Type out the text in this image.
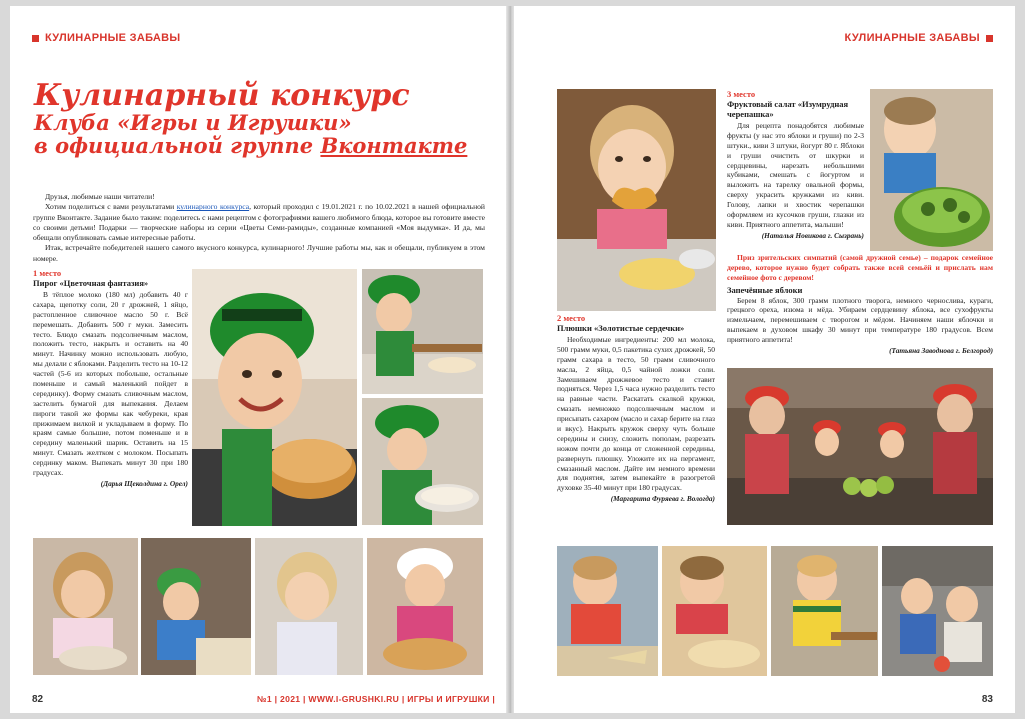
КУЛИНАРНЫЕ ЗАБАВЫ
Кулинарный конкурс
Клуба «Игры и Игрушки»
в официальной группе Вконтакте

Друзья, любимые наши читатели!

Хотим поделиться с вами результатами кулинарного конкурса, который проходил с 19.01.2021 г. по 10.02.2021 в нашей официальной группе Вконтакте. Задание было таким: поделитесь с нами рецептом с фотографиями вашего любимого блюда, которое вы готовите вместе со своими детьми! Подарки — творческие наборы из серии «Цветы Семи-рамиды», созданные компанией «Моя выдумка». И да, мы обещали опубликовать самые интересные работы.

Итак, встречайте победителей нашего самого вкусного конкурса, кулинарного! Лучшие работы мы, как и обещали, публикуем в этом номере.

1 место
Пирог «Цветочная фантазия»

В тёплое молоко (180 мл) добавить 40 г сахара, щепотку соли, 20 г дрожжей, 1 яйцо, растопленное сливочное масло 50 г. Всё перемешать. Добавить 500 г муки. Замесить тесто. Блюдо смазать подсолнечным маслом, положить тесто, накрыть и оставить на 40 минут. Начинку можно использовать любую, мы делали с яблоками. Разделить тесто на 10-12 частей (5-6 из которых побольше, остальные поменьше и самый маленький пойдет в серединку). Форму смазать сливочным маслом, застелить бумагой для выпекания. Делаем пироги такой же формы как чебуреки, края прижимаем вилкой и укладываем в форму. По краям самые большие, потом поменьше и в середину маленький шарик. Оставить на 15 минут. Смазать желтком с молоком. Посыпать сердинку маком. Выпекать минут 30 при 180 градусах.

(Дарья Щеколдина г. Орел)
82	№1 | 2021 | WWW.I-GRUSHKI.RU | ИГРЫ И ИГРУШКИ |
КУЛИНАРНЫЕ ЗАБАВЫ
3 место
Фруктовый салат «Изумрудная черепашка»

Для рецепта понадобятся любимые фрукты (у нас это яблоки и груши) по 2-3 штуки., киви 3 штуки, йогурт 80 г. Яблоки и груши очистить от шкурки и сердцевины, нарезать небольшими кубиками, смешать с йогуртом и выложить на тарелку овальной формы, сверху украсить кружками из киви. Голову, лапки и хвостик черепашки оформляем из кусочков груши, глазки из киви. Приятного аппетита, малыши!

(Наталья Новикова г. Сызрань)

Приз зрительских симпатий (самой дружной семье) – подарок семейное дерево, которое нужно будет собрать также всей семьёй и прислать нам семейное фото с деревом!

Запечённые яблоки

Берем 8 яблок, 300 грамм плотного творога, немного чернослива, кураги, грецкого ореха, изюма и мёда. Убираем сердцевину яблока, все сухофрукты измельчаем, перемешиваем с творогом и мёдом. Начиняем наши яблочки и выпекаем в духовом шкафу 30 минут при температуре 180 градусов. Всем приятного аппетита!

(Татьяна Заводнова г. Белгород)
2 место
Плюшки «Золотистые сердечки»

Необходимые ингредиенты: 200 мл молока, 500 грамм муки, 0,5 пакетика сухих дрожжей, 50 грамм сахара в тесто, 50 грамм сливочного масла, 2 яйца, 0,5 чайной ложки соли. Замешиваем дрожжевое тесто и ставит подняться. Через 1,5 часа нужно разделить тесто на равные части. Раскатать скалкой кружки, смазать немножко подсолнечным маслом и присыпать сахаром (масло и сахар берите на глаз и вкус). Накрыть кружок сверху чуть больше середины и снизу, сложить пополам, разрезать ножом почти до конца от сложенной середины, развернуть плюшку. Уложите их на пергамент, смазанный маслом. Дайте им немного времени для поднятия, затем выпекайте в разогретой духовке 35-40 минут при 180 градусах.

(Маргарита Фуряева г. Вологда)
83
